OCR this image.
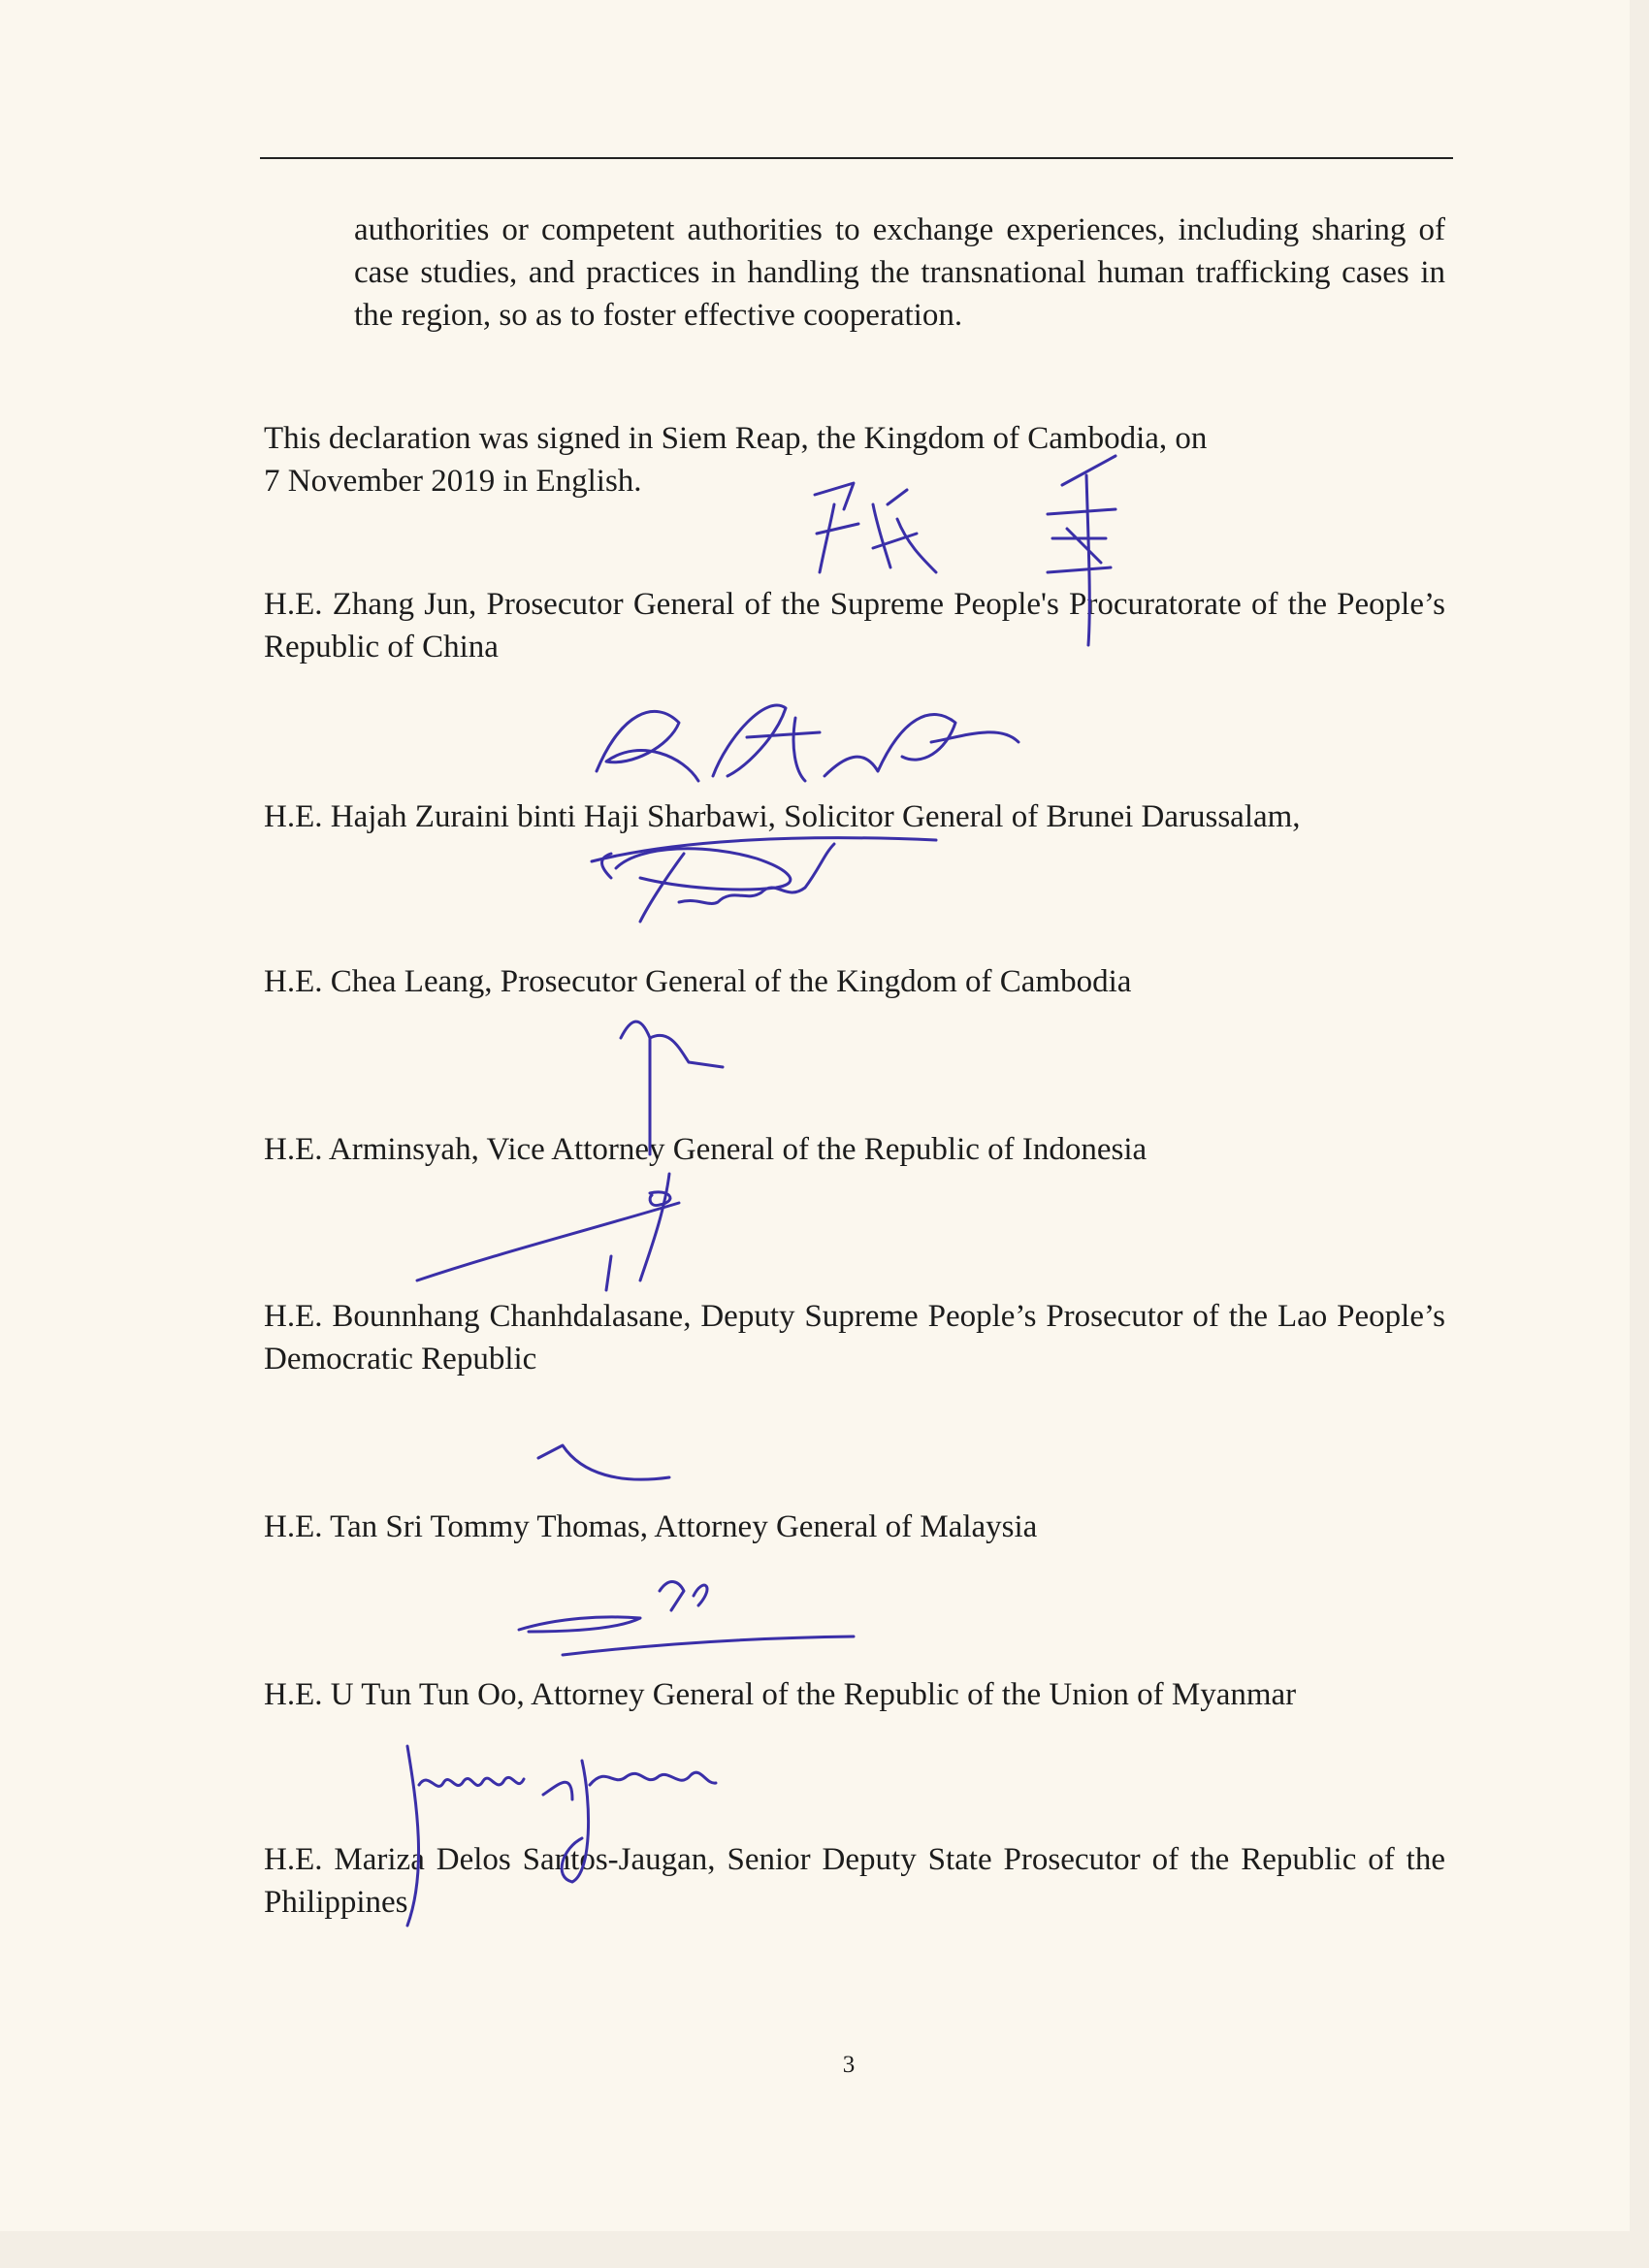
authorities or competent authorities to exchange experiences, including sharing of case studies, and practices in handling the transnational human trafficking cases in the region, so as to foster effective cooperation.
This declaration was signed in Siem Reap, the Kingdom of Cambodia, on
7 November 2019 in English.
H.E. Zhang Jun, Prosecutor General of the Supreme People's Procuratorate of the People’s Republic of China
H.E. Hajah Zuraini binti Haji Sharbawi, Solicitor General of Brunei Darussalam,
H.E. Chea Leang, Prosecutor General of the Kingdom of Cambodia
H.E. Arminsyah, Vice Attorney General of the Republic of Indonesia
H.E. Bounnhang Chanhdalasane, Deputy Supreme People’s Prosecutor of the Lao People’s Democratic Republic
H.E. Tan Sri Tommy Thomas, Attorney General of Malaysia
H.E. U Tun Tun Oo, Attorney General of the Republic of the Union of Myanmar
H.E. Mariza Delos Santos-Jaugan, Senior Deputy State Prosecutor of the Republic of the Philippines
3
